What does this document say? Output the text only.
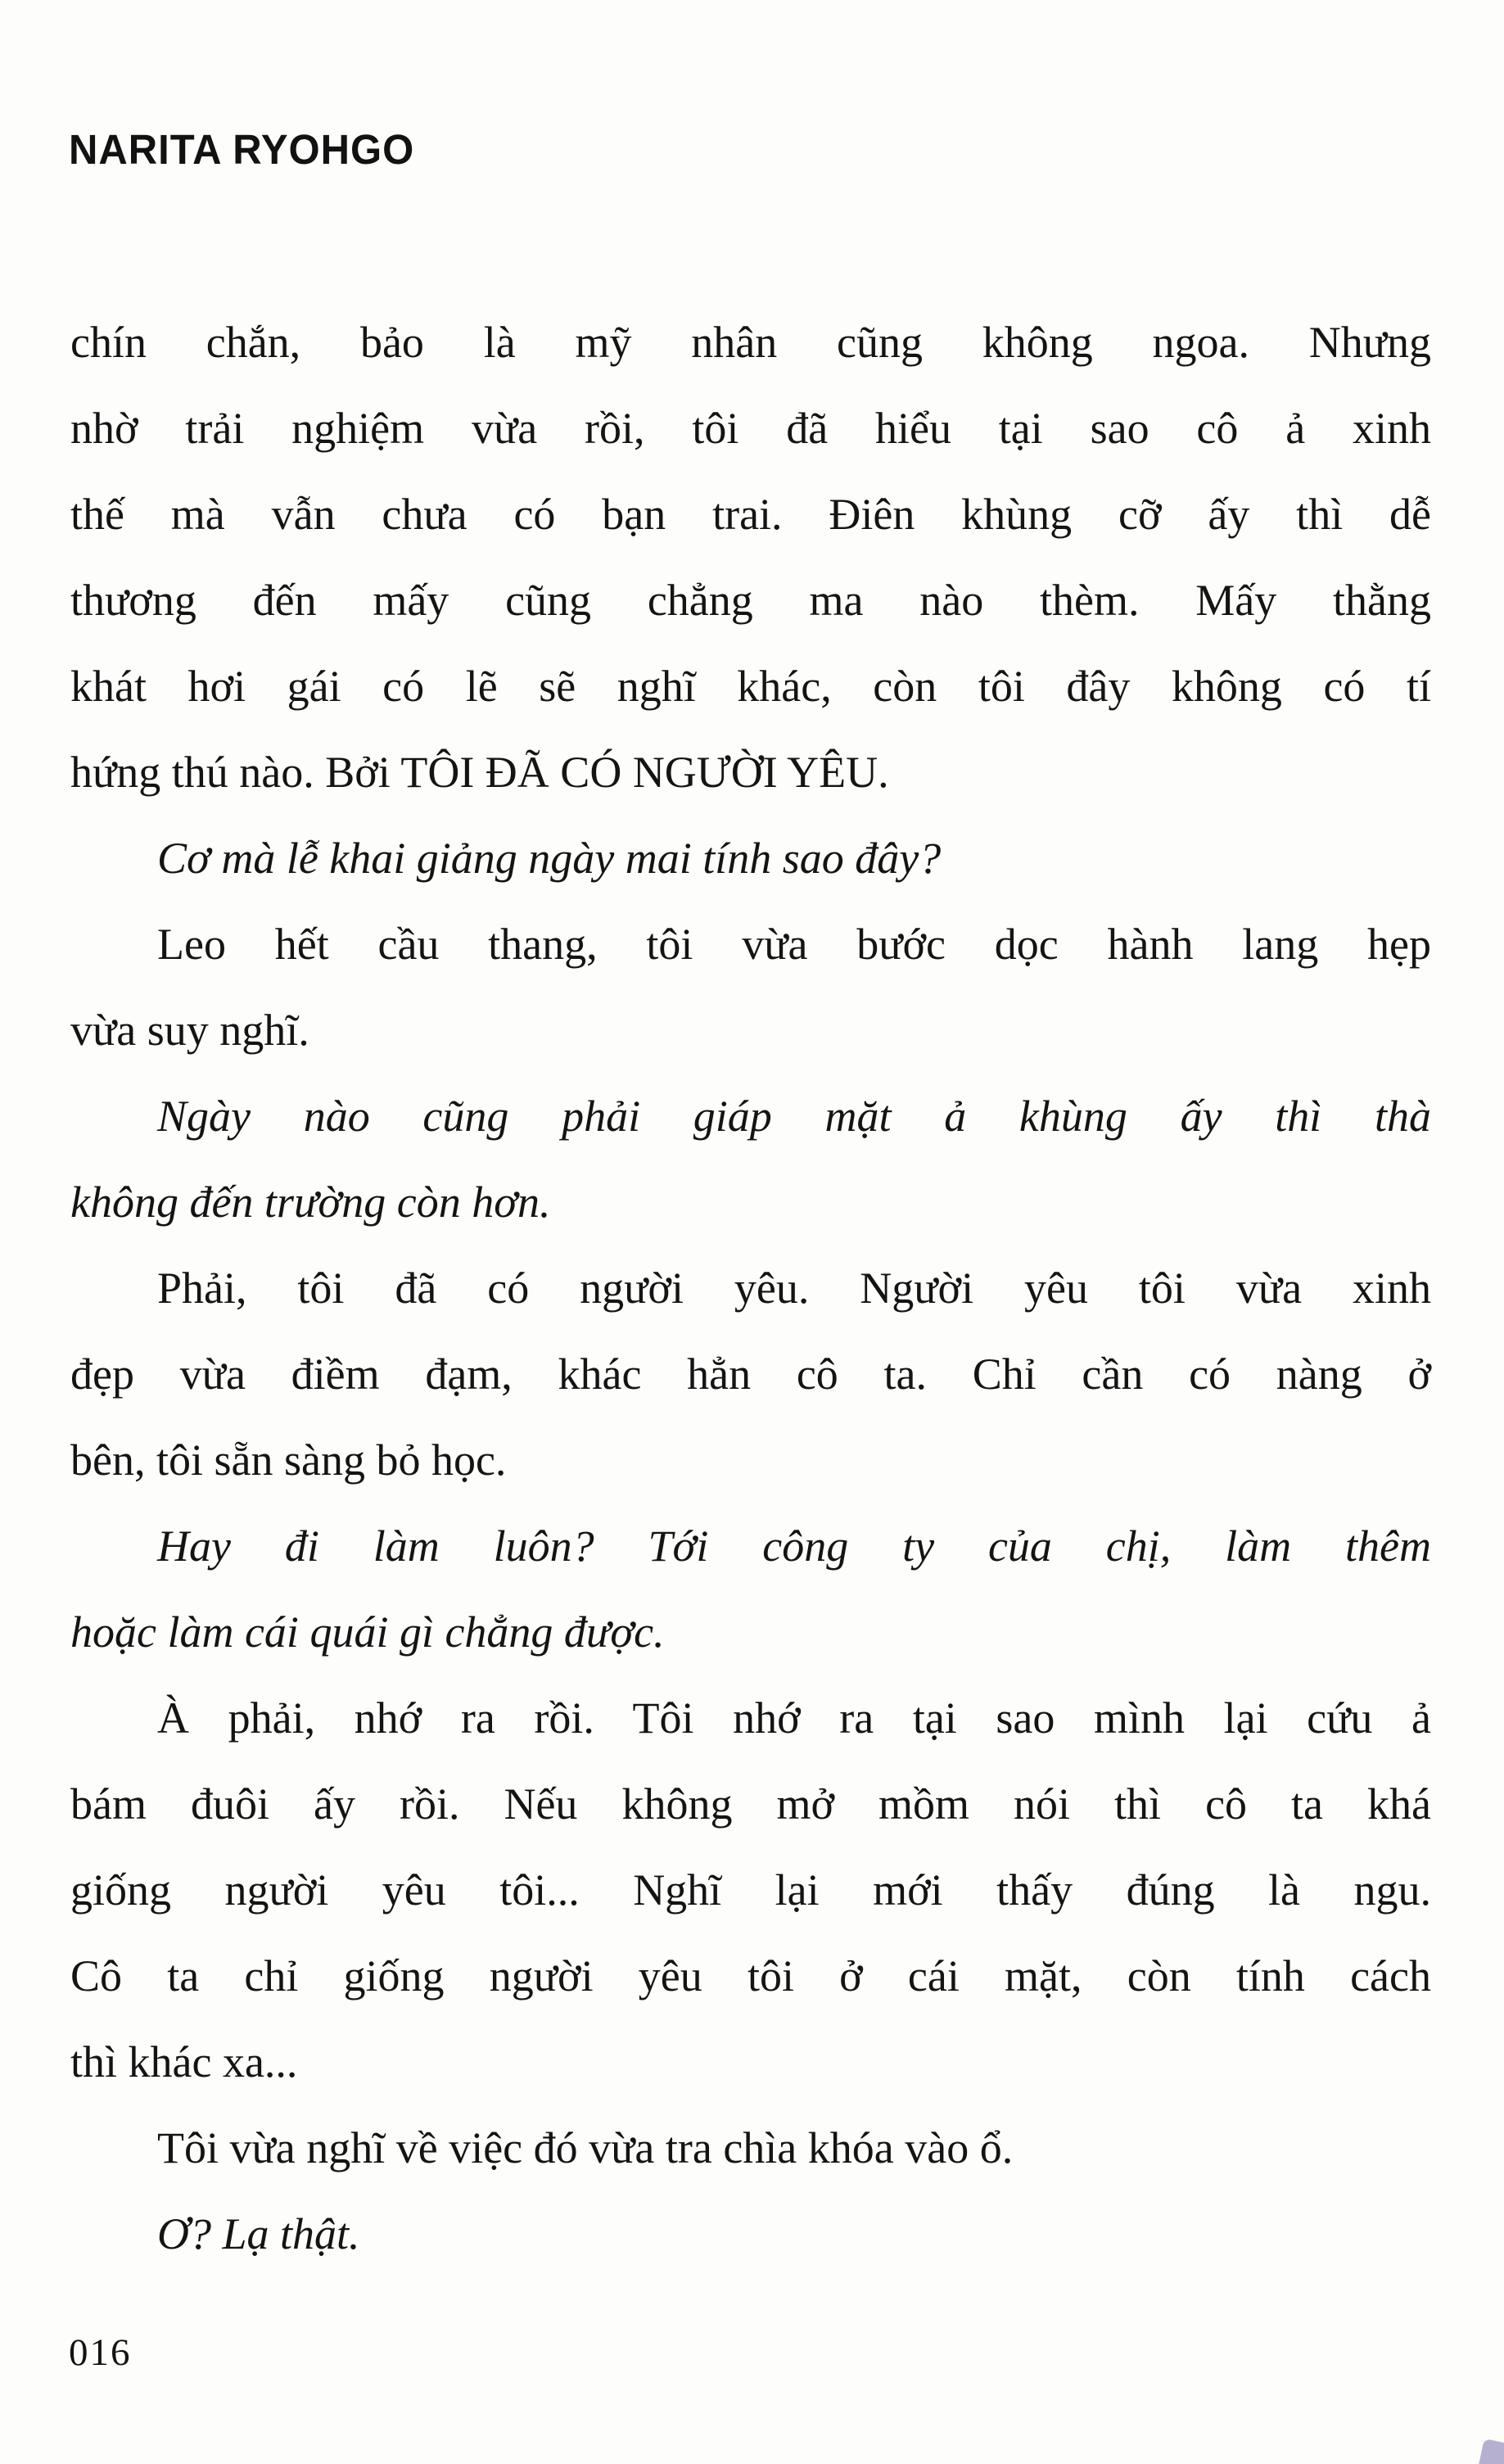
NARITA RYOHGO
chín chắn, bảo là mỹ nhân cũng không ngoa. Nhưng
nhờ trải nghiệm vừa rồi, tôi đã hiểu tại sao cô ả xinh
thế mà vẫn chưa có bạn trai. Điên khùng cỡ ấy thì dễ
thương đến mấy cũng chẳng ma nào thèm. Mấy thằng
khát hơi gái có lẽ sẽ nghĩ khác, còn tôi đây không có tí
hứng thú nào. Bởi TÔI ĐÃ CÓ NGƯỜI YÊU.
Cơ mà lễ khai giảng ngày mai tính sao đây?
Leo hết cầu thang, tôi vừa bước dọc hành lang hẹp
vừa suy nghĩ.
Ngày nào cũng phải giáp mặt ả khùng ấy thì thà
không đến trường còn hơn.
Phải, tôi đã có người yêu. Người yêu tôi vừa xinh
đẹp vừa điềm đạm, khác hẳn cô ta. Chỉ cần có nàng ở
bên, tôi sẵn sàng bỏ học.
Hay đi làm luôn? Tới công ty của chị, làm thêm
hoặc làm cái quái gì chẳng được.
À phải, nhớ ra rồi. Tôi nhớ ra tại sao mình lại cứu ả
bám đuôi ấy rồi. Nếu không mở mồm nói thì cô ta khá
giống người yêu tôi... Nghĩ lại mới thấy đúng là ngu.
Cô ta chỉ giống người yêu tôi ở cái mặt, còn tính cách
thì khác xa...
Tôi vừa nghĩ về việc đó vừa tra chìa khóa vào ổ.
Ơ? Lạ thật.
016
